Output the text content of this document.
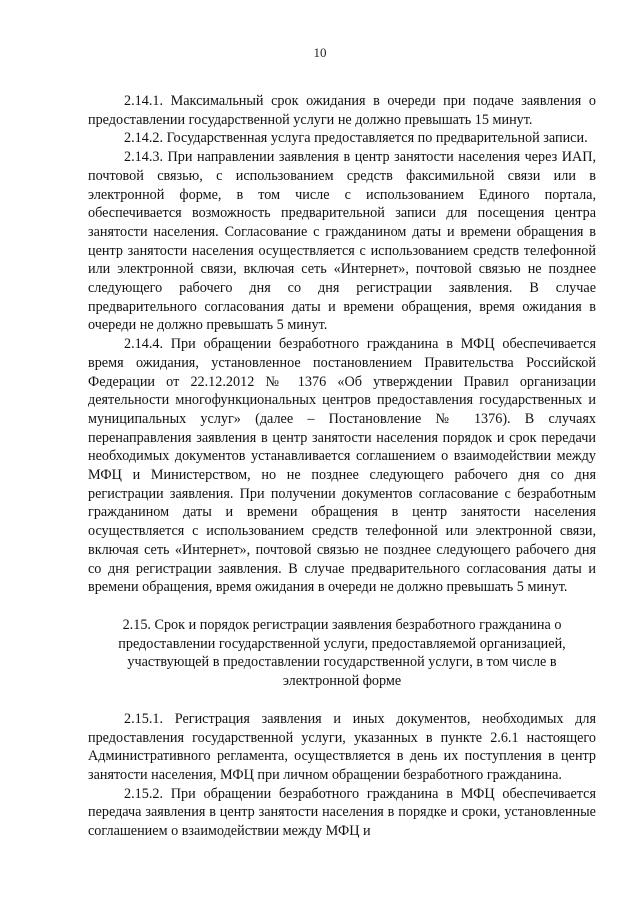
10

2.14.1. Максимальный срок ожидания в очереди при подаче заявления о предоставлении государственной услуги не должно превышать 15 минут.

2.14.2. Государственная услуга предоставляется по предварительной записи.

2.14.3. При направлении заявления в центр занятости населения через ИАП, почтовой связью, с использованием средств факсимильной связи или в электронной форме, в том числе с использованием Единого портала, обеспечивается возможность предварительной записи для посещения центра занятости населения. Согласование с гражданином даты и времени обращения в центр занятости населения осуществляется с использованием средств телефонной или электронной связи, включая сеть «Интернет», почтовой связью не позднее следующего рабочего дня со дня регистрации заявления. В случае предварительного согласования даты и времени обращения, время ожидания в очереди не должно превышать 5 минут.

2.14.4. При обращении безработного гражданина в МФЦ обеспечивается время ожидания, установленное постановлением Правительства Российской Федерации от 22.12.2012 № 1376 «Об утверждении Правил организации деятельности многофункциональных центров предоставления государственных и муниципальных услуг» (далее – Постановление № 1376). В случаях перенаправления заявления в центр занятости населения порядок и срок передачи необходимых документов устанавливается соглашением о взаимодействии между МФЦ и Министерством, но не позднее следующего рабочего дня со дня регистрации заявления. При получении документов согласование с безработным гражданином даты и времени обращения в центр занятости населения осуществляется с использованием средств телефонной или электронной связи, включая сеть «Интернет», почтовой связью не позднее следующего рабочего дня со дня регистрации заявления. В случае предварительного согласования даты и времени обращения, время ожидания в очереди не должно превышать 5 минут.

2.15. Срок и порядок регистрации заявления безработного гражданина о предоставлении государственной услуги, предоставляемой организацией, участвующей в предоставлении государственной услуги, в том числе в электронной форме

2.15.1. Регистрация заявления и иных документов, необходимых для предоставления государственной услуги, указанных в пункте 2.6.1 настоящего Административного регламента, осуществляется в день их поступления в центр занятости населения, МФЦ при личном обращении безработного гражданина.

2.15.2. При обращении безработного гражданина в МФЦ обеспечивается передача заявления в центр занятости населения в порядке и сроки, установленные соглашением о взаимодействии между МФЦ и
